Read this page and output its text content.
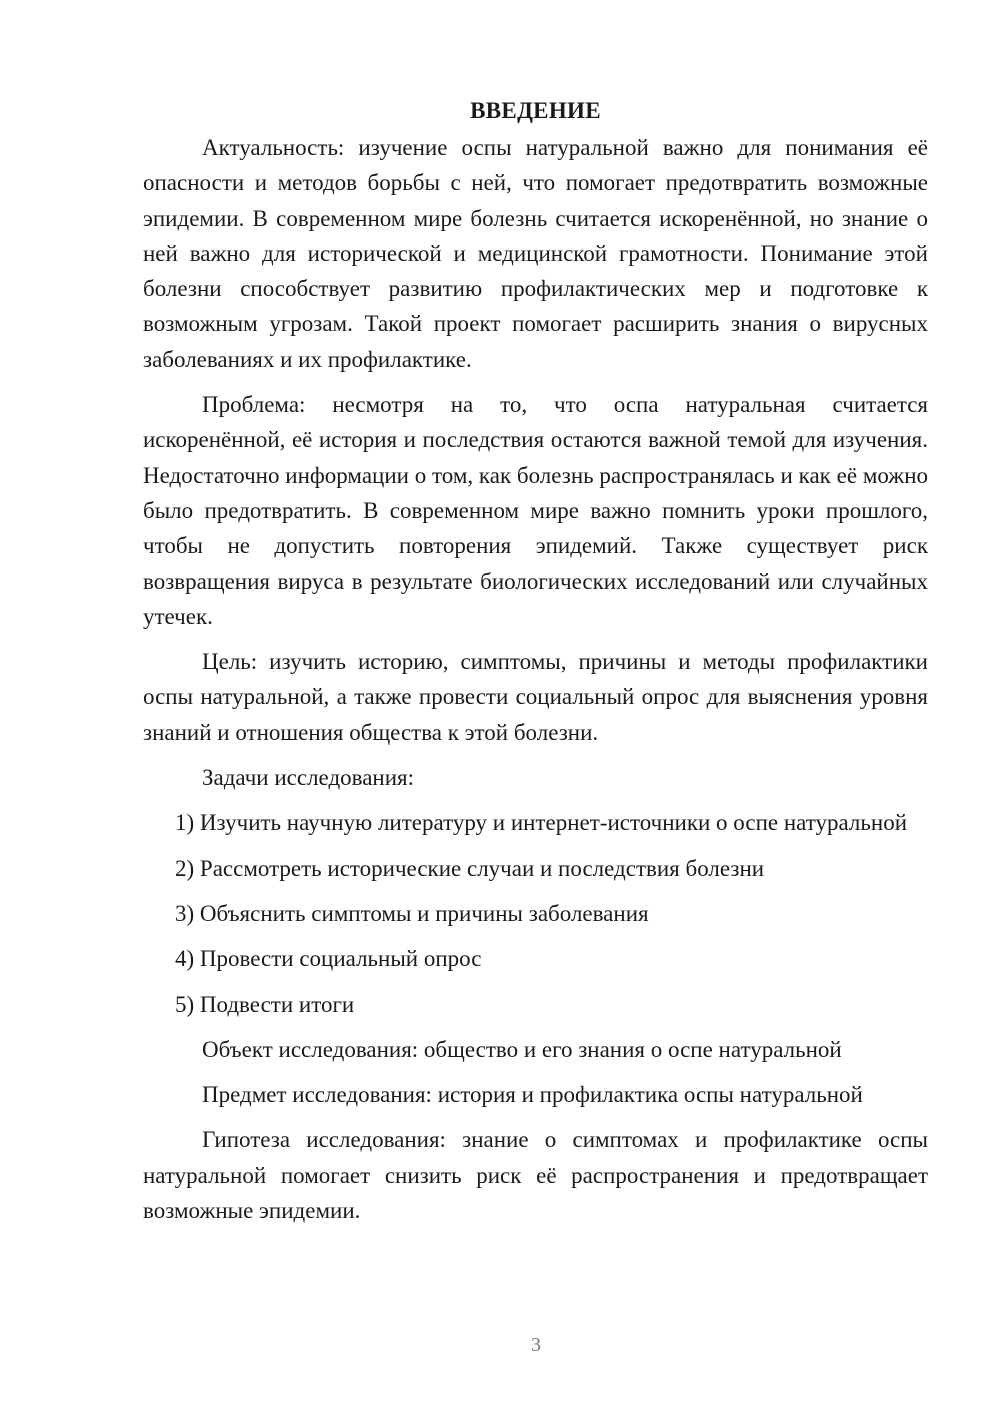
ВВЕДЕНИЕ

Актуальность: изучение оспы натуральной важно для понимания её опасности и методов борьбы с ней, что помогает предотвратить возможные эпидемии. В современном мире болезнь считается искоренённой, но знание о ней важно для исторической и медицинской грамотности. Понимание этой болезни способствует развитию профилактических мер и подготовке к возможным угрозам. Такой проект помогает расширить знания о вирусных заболеваниях и их профилактике.

Проблема: несмотря на то, что оспа натуральная считается искоренённой, её история и последствия остаются важной темой для изучения. Недостаточно информации о том, как болезнь распространялась и как её можно было предотвратить. В современном мире важно помнить уроки прошлого, чтобы не допустить повторения эпидемий. Также существует риск возвращения вируса в результате биологических исследований или случайных утечек.

Цель: изучить историю, симптомы, причины и методы профилактики оспы натуральной, а также провести социальный опрос для выяснения уровня знаний и отношения общества к этой болезни.

Задачи исследования:

1) Изучить научную литературу и интернет-источники о оспе натуральной
2) Рассмотреть исторические случаи и последствия болезни
3) Объяснить симптомы и причины заболевания
4) Провести социальный опрос
5) Подвести итоги

Объект исследования: общество и его знания о оспе натуральной

Предмет исследования: история и профилактика оспы натуральной

Гипотеза исследования: знание о симптомах и профилактике оспы натуральной помогает снизить риск её распространения и предотвращает возможные эпидемии.

3
